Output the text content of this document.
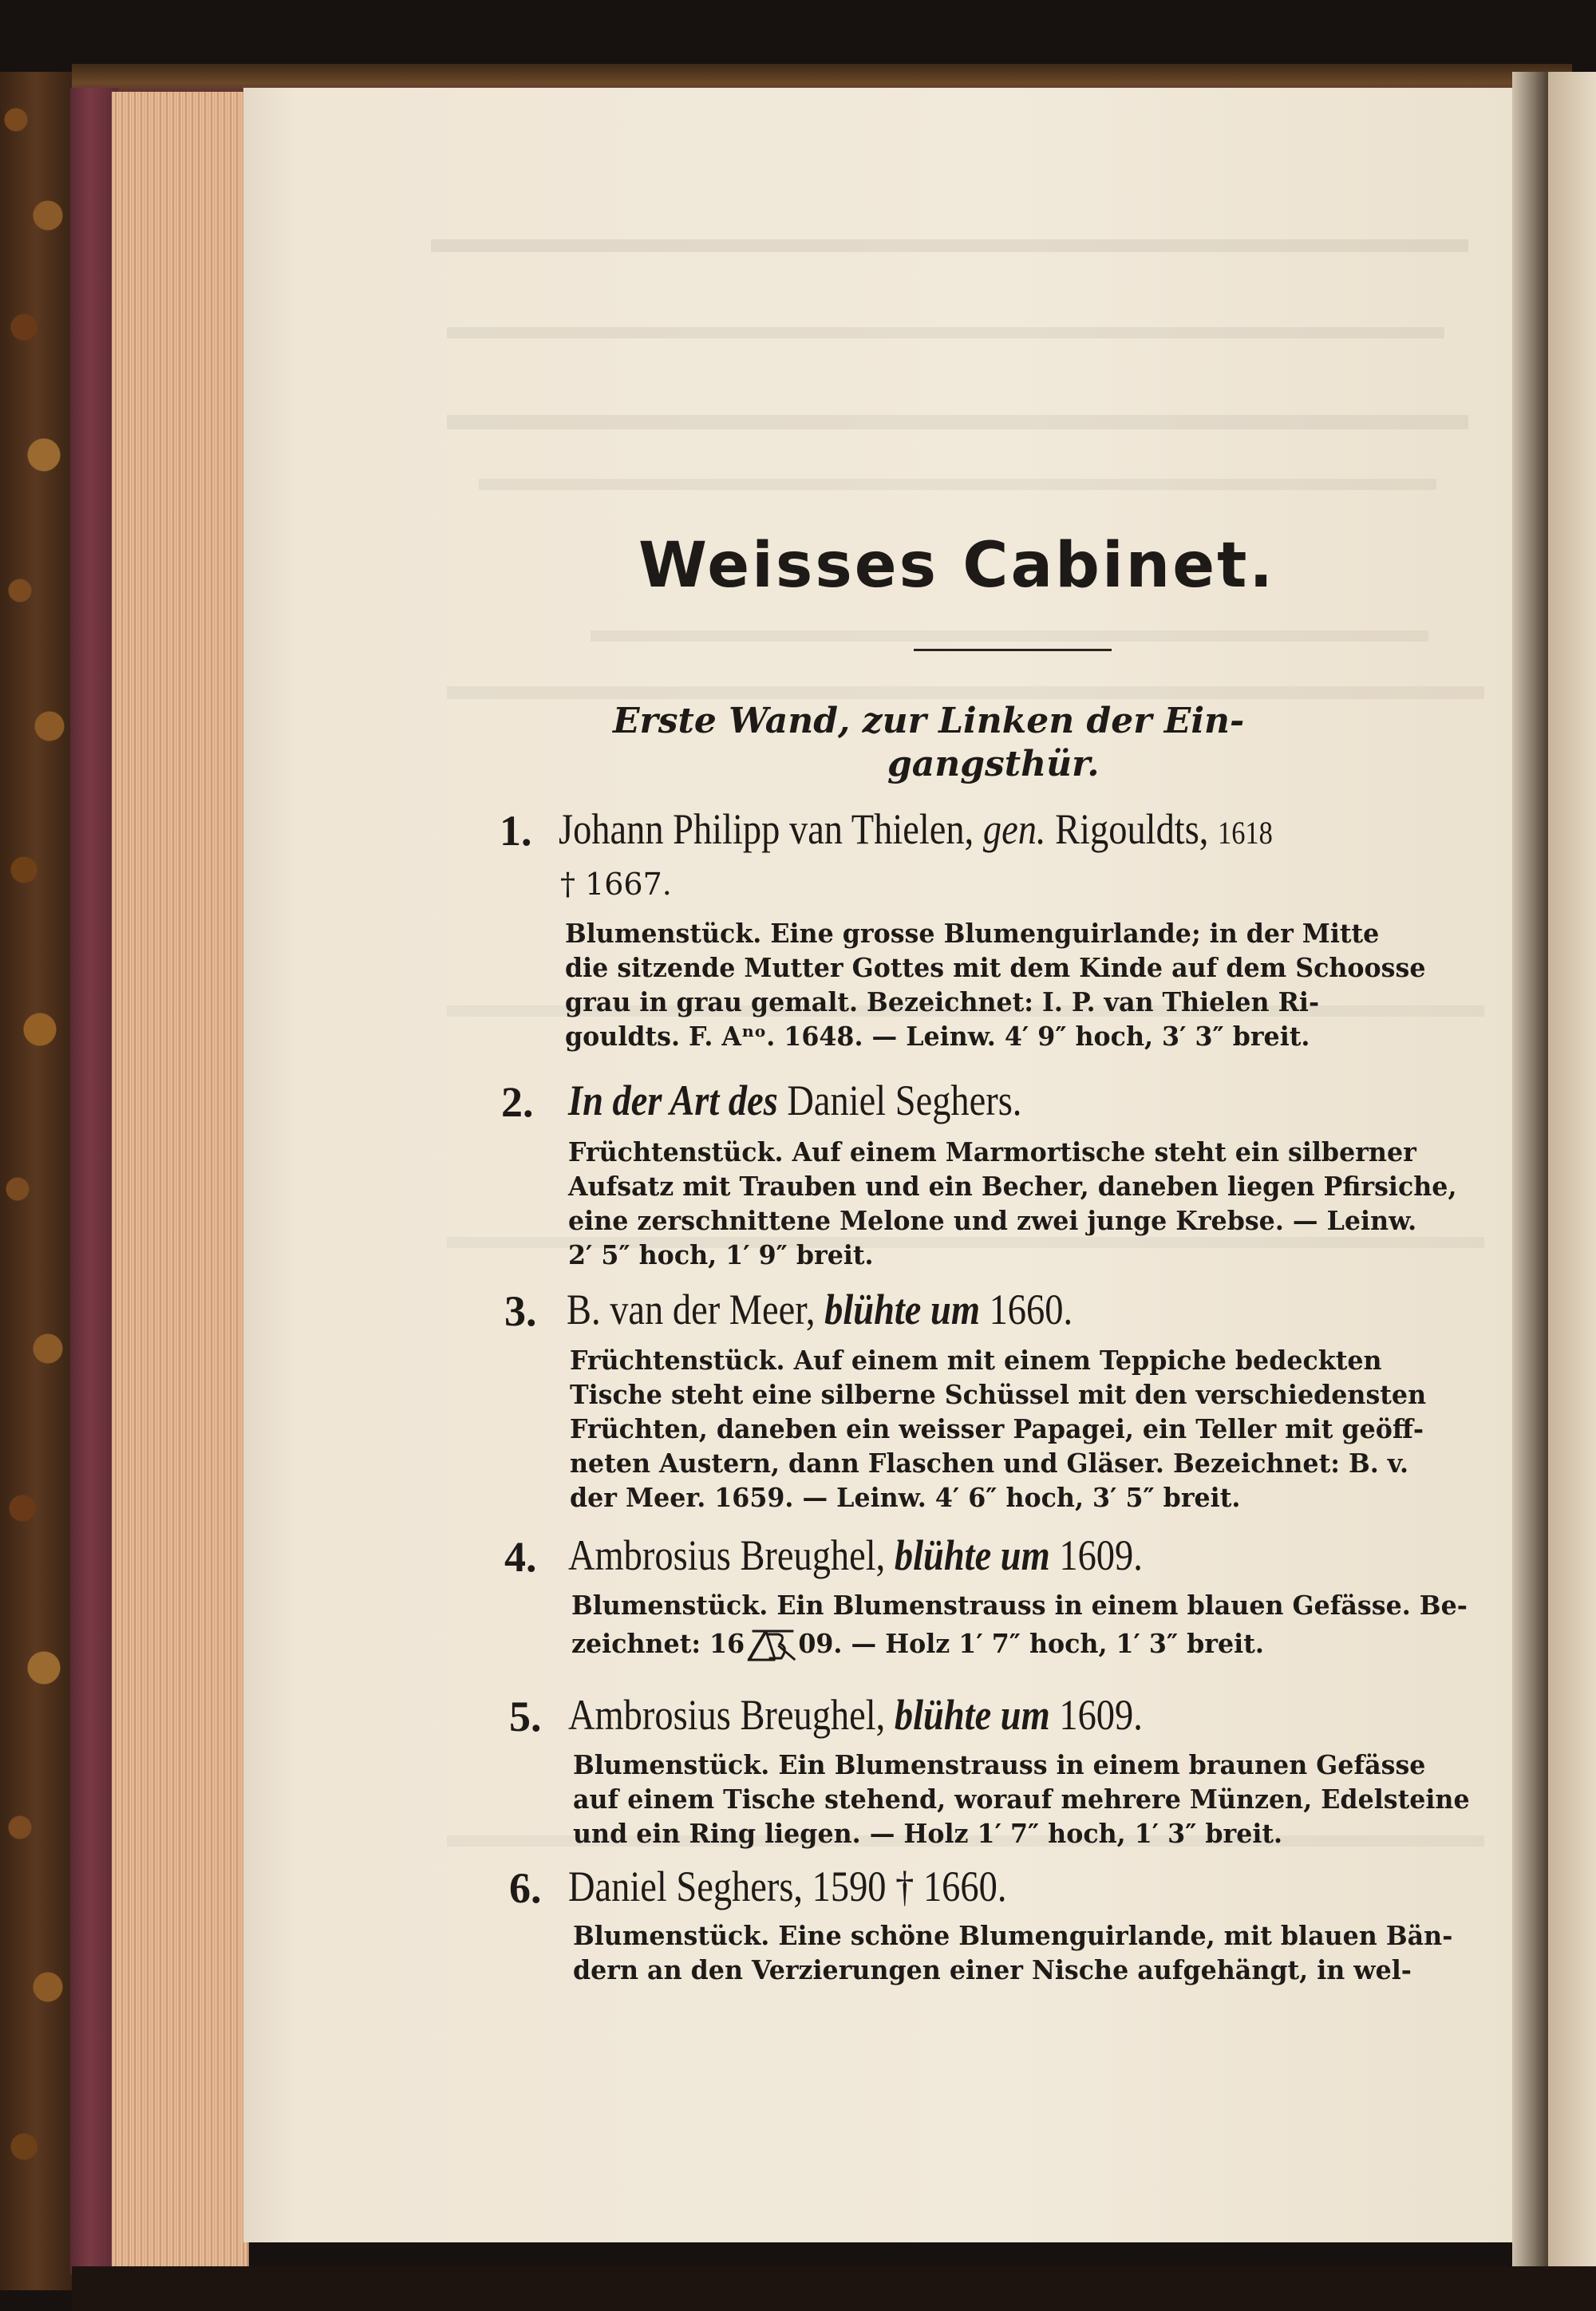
Weisses Cabinet.
Erste Wand, zur Linken der Ein-
gangsthür.
1. Johann Philipp van Thielen, gen. Rigouldts, 1618
† 1667.
Blumenstück. Eine grosse Blumenguirlande; in der Mitte
die sitzende Mutter Gottes mit dem Kinde auf dem Schoosse
grau in grau gemalt. Bezeichnet: I. P. van Thielen Ri-
gouldts. F. Aⁿᵒ. 1648. — Leinw. 4′ 9″ hoch, 3′ 3″ breit.
2. In der Art des Daniel Seghers.
Früchtenstück. Auf einem Marmortische steht ein silberner
Aufsatz mit Trauben und ein Becher, daneben liegen Pfirsiche,
eine zerschnittene Melone und zwei junge Krebse. — Leinw.
2′ 5″ hoch, 1′ 9″ breit.
3. B. van der Meer, blühte um 1660.
Früchtenstück. Auf einem mit einem Teppiche bedeckten
Tische steht eine silberne Schüssel mit den verschiedensten
Früchten, daneben ein weisser Papagei, ein Teller mit geöff-
neten Austern, dann Flaschen und Gläser. Bezeichnet: B. v.
der Meer. 1659. — Leinw. 4′ 6″ hoch, 3′ 5″ breit.
4. Ambrosius Breughel, blühte um 1609.
Blumenstück. Ein Blumenstrauss in einem blauen Gefässe. Be-
zeichnet: 16 09. — Holz 1′ 7″ hoch, 1′ 3″ breit.
5. Ambrosius Breughel, blühte um 1609.
Blumenstück. Ein Blumenstrauss in einem braunen Gefässe
auf einem Tische stehend, worauf mehrere Münzen, Edelsteine
und ein Ring liegen. — Holz 1′ 7″ hoch, 1′ 3″ breit.
6. Daniel Seghers, 1590 † 1660.
Blumenstück. Eine schöne Blumenguirlande, mit blauen Bän-
dern an den Verzierungen einer Nische aufgehängt, in wel-
